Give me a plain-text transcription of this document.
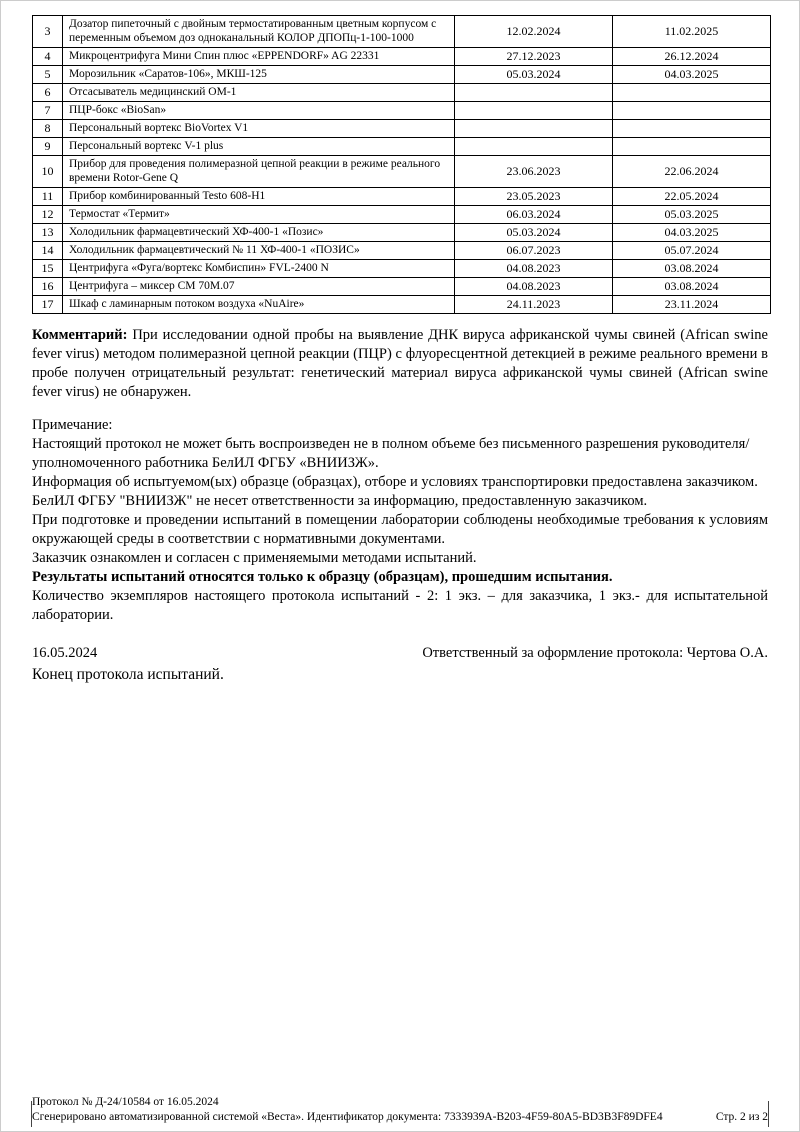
3	Дозатор пипеточный с двойным термостатированным цветным корпусом с переменным объемом доз одноканальный КОЛОР ДПОПц-1-100-1000	12.02.2024	11.02.2025
4	Микроцентрифуга Мини Спин плюс «EPPENDORF» AG 22331	27.12.2023	26.12.2024
5	Морозильник «Саратов-106», МКШ-125	05.03.2024	04.03.2025
6	Отсасыватель медицинский ОМ-1		
7	ПЦР-бокс «BioSan»		
8	Персональный вортекс BioVortex V1		
9	Персональный вортекс V-1 plus		
10	Прибор для проведения полимеразной цепной реакции в режиме реального времени Rotor-Gene Q	23.06.2023	22.06.2024
11	Прибор комбинированный Testo 608-H1	23.05.2023	22.05.2024
12	Термостат «Термит»	06.03.2024	05.03.2025
13	Холодильник фармацевтический ХФ-400-1 «Позис»	05.03.2024	04.03.2025
14	Холодильник фармацевтический № 11 ХФ-400-1 «ПОЗИС»	06.07.2023	05.07.2024
15	Центрифуга «Фуга/вортекс Комбиспин» FVL-2400 N	04.08.2023	03.08.2024
16	Центрифуга – миксер СМ 70М.07	04.08.2023	03.08.2024
17	Шкаф с ламинарным потоком воздуха «NuAire»	24.11.2023	23.11.2024

Комментарий: При исследовании одной пробы на выявление ДНК вируса африканской чумы свиней (African swine fever virus) методом полимеразной цепной реакции (ПЦР) с флуоресцентной детекцией в режиме реального времени в пробе получен отрицательный результат: генетический материал вируса африканской чумы свиней (African swine fever virus) не обнаружен.

Примечание:

Настоящий протокол не может быть воспроизведен не в полном объеме без письменного разрешения руководителя/уполномоченного работника БелИЛ ФГБУ «ВНИИЗЖ».

Информация об испытуемом(ых) образце (образцах), отборе и условиях транспортировки предоставлена заказчиком.

БелИЛ ФГБУ "ВНИИЗЖ" не несет ответственности за информацию, предоставленную заказчиком.

При подготовке и проведении испытаний в помещении лаборатории соблюдены необходимые требования к условиям окружающей среды в соответствии с нормативными документами.

Заказчик ознакомлен и согласен с применяемыми методами испытаний.

Результаты испытаний относятся только к образцу (образцам), прошедшим испытания.

Количество экземпляров настоящего протокола испытаний - 2: 1 экз. – для заказчика, 1 экз.- для испытательной лаборатории.

16.05.2024	Ответственный за оформление протокола: Чертова О.А.

Конец протокола испытаний.

Протокол № Д-24/10584 от 16.05.2024
Сгенерировано автоматизированной системой «Веста». Идентификатор документа: 7333939A-B203-4F59-80A5-BD3B3F89DFE4	Стр. 2 из 2
